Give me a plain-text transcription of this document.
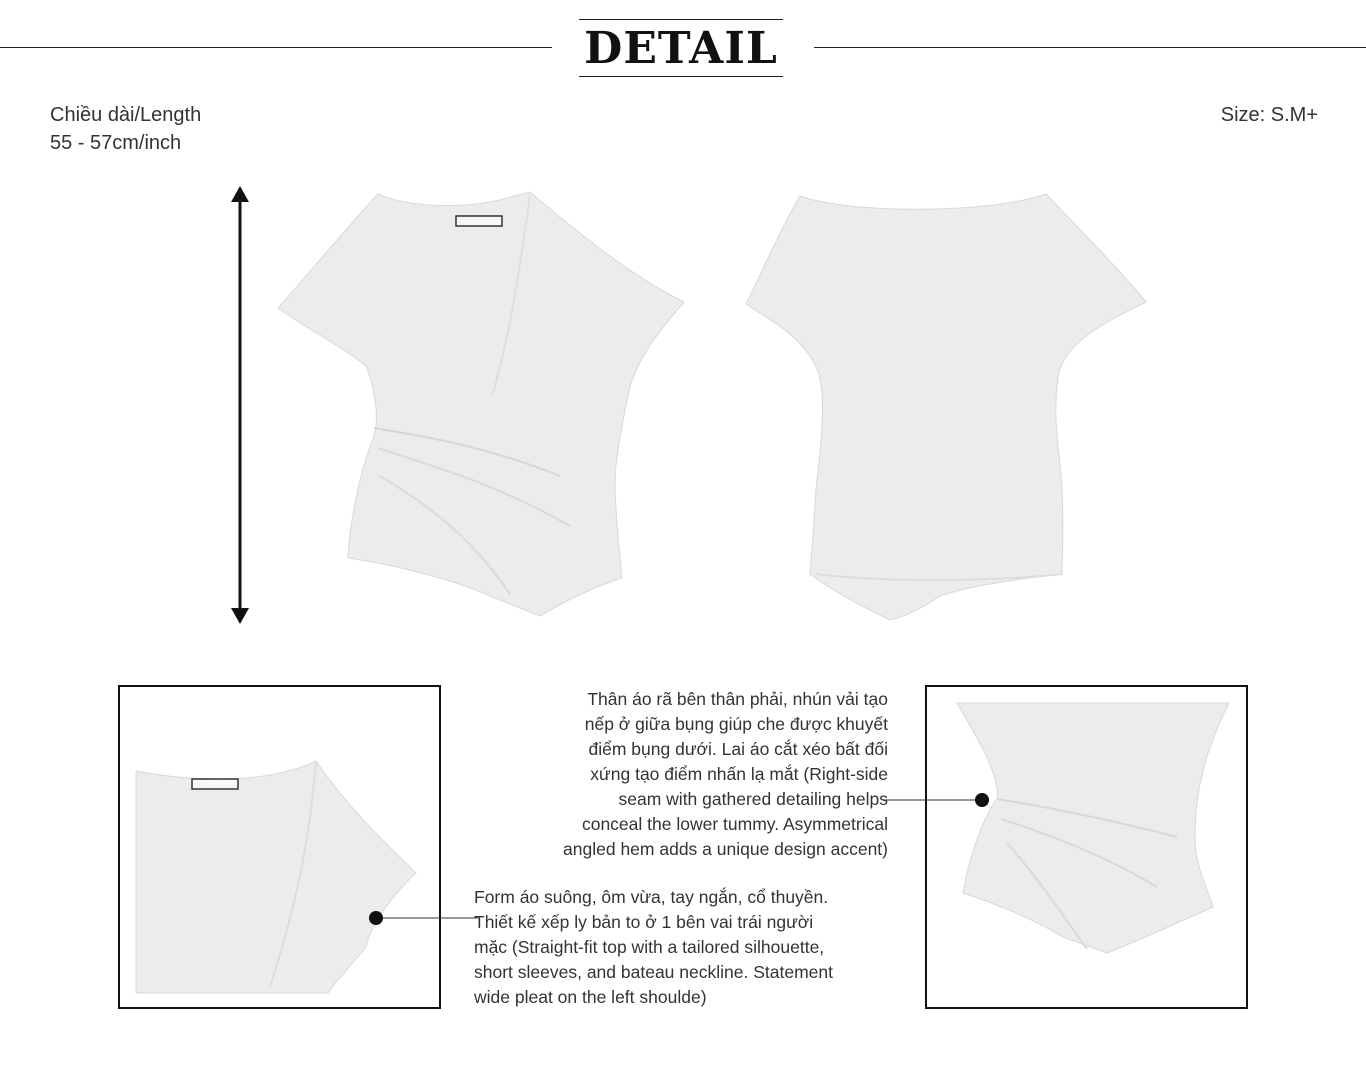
DETAIL
Chiều dài/Length
55 - 57cm/inch
Size: S.M+

Thân áo rã bên thân phải, nhún vải tạo

nếp ở giữa bụng giúp che được khuyết

điểm bụng dưới. Lai áo cắt xéo bất đối

xứng tạo điểm nhấn lạ mắt (Right-side

seam with gathered detailing helps

conceal the lower tummy. Asymmetrical

angled hem adds a unique design accent)

Form áo suông, ôm vừa, tay ngắn, cổ thuyền.

Thiết kế xếp ly bản to ở 1 bên vai trái người

mặc (Straight-fit top with a tailored silhouette,

short sleeves, and bateau neckline. Statement

wide pleat on the left shoulde)
